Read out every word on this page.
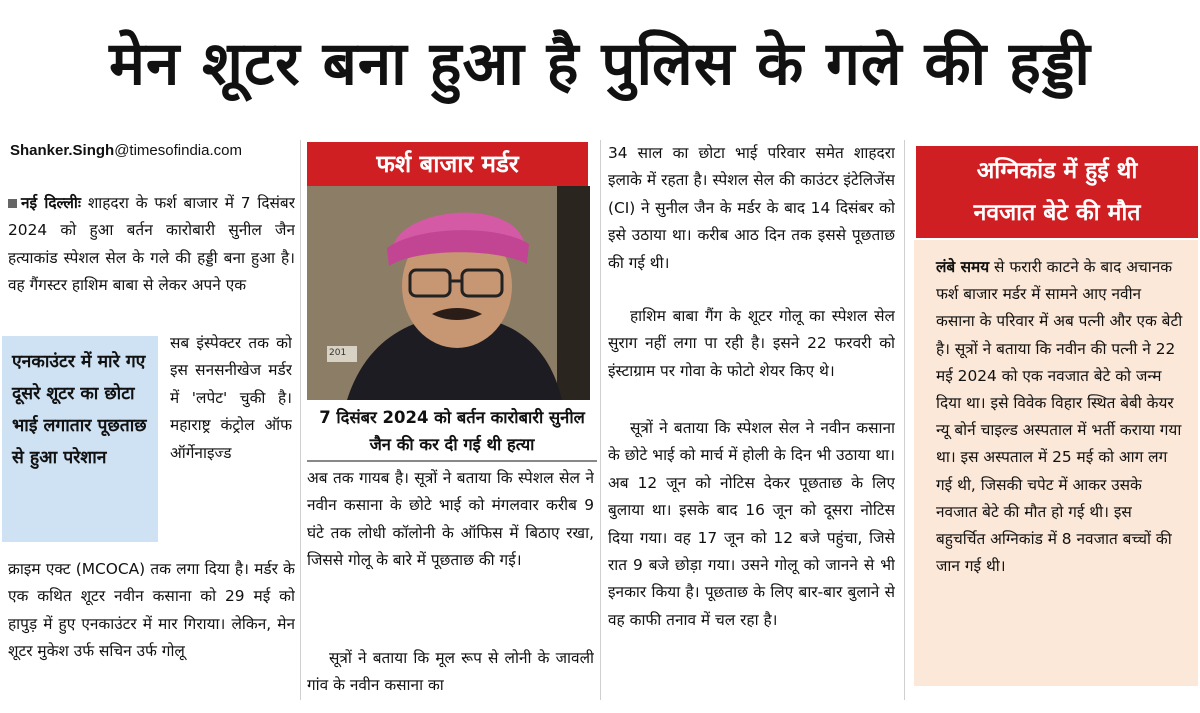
मेन शूटर बना हुआ है पुलिस के गले की हड्डी
Shanker.Singh@timesofindia.com

नई दिल्लीः शाहदरा के फर्श बाजार में 7 दिसंबर 2024 को हुआ बर्तन कारोबारी सुनील जैन हत्याकांड स्पेशल सेल के गले की हड्डी बना हुआ है। वह गैंगस्टर हाशिम बाबा से लेकर अपने एक

एनकाउंटर में मारे गए दूसरे शूटर का छोटा भाई लगातार पूछताछ से हुआ परेशान

सब इंस्पेक्टर तक को इस सनसनीखेज मर्डर में 'लपेट' चुकी है। महाराष्ट्र कंट्रोल ऑफ ऑर्गेनाइज्ड

क्राइम एक्ट (MCOCA) तक लगा दिया है। मर्डर के एक कथित शूटर नवीन कसाना को 29 मई को हापुड़ में हुए एनकाउंटर में मार गिराया। लेकिन, मेन शूटर मुकेश उर्फ सचिन उर्फ गोलू

फर्श बाजार मर्डर
201
7 दिसंबर 2024 को बर्तन कारोबारी सुनील जैन की कर दी गई थी हत्या

अब तक गायब है। सूत्रों ने बताया कि स्पेशल सेल ने नवीन कसाना के छोटे भाई को मंगलवार करीब 9 घंटे तक लोधी कॉलोनी के ऑफिस में बिठाए रखा, जिससे गोलू के बारे में पूछताछ की गई।

सूत्रों ने बताया कि मूल रूप से लोनी के जावली गांव के नवीन कसाना का

34 साल का छोटा भाई परिवार समेत शाहदरा इलाके में रहता है। स्पेशल सेल की काउंटर इंटेलिजेंस (CI) ने सुनील जैन के मर्डर के बाद 14 दिसंबर को इसे उठाया था। करीब आठ दिन तक इससे पूछताछ की गई थी।

हाशिम बाबा गैंग के शूटर गोलू का स्पेशल सेल सुराग नहीं लगा पा रही है। इसने 22 फरवरी को इंस्टाग्राम पर गोवा के फोटो शेयर किए थे।

सूत्रों ने बताया कि स्पेशल सेल ने नवीन कसाना के छोटे भाई को मार्च में होली के दिन भी उठाया था। अब 12 जून को नोटिस देकर पूछताछ के लिए बुलाया था। इसके बाद 16 जून को दूसरा नोटिस दिया गया। वह 17 जून को 12 बजे पहुंचा, जिसे रात 9 बजे छोड़ा गया। उसने गोलू को जानने से भी इनकार किया है। पूछताछ के लिए बार-बार बुलाने से वह काफी तनाव में चल रहा है।

अग्निकांड में हुई थी
नवजात बेटे की मौत

लंबे समय से फरारी काटने के बाद अचानक फर्श बाजार मर्डर में सामने आए नवीन कसाना के परिवार में अब पत्नी और एक बेटी है। सूत्रों ने बताया कि नवीन की पत्नी ने 22 मई 2024 को एक नवजात बेटे को जन्म दिया था। इसे विवेक विहार स्थित बेबी केयर न्यू बोर्न चाइल्ड अस्पताल में भर्ती कराया गया था। इस अस्पताल में 25 मई को आग लग गई थी, जिसकी चपेट में आकर उसके नवजात बेटे की मौत हो गई थी। इस बहुचर्चित अग्निकांड में 8 नवजात बच्चों की जान गई थी।
